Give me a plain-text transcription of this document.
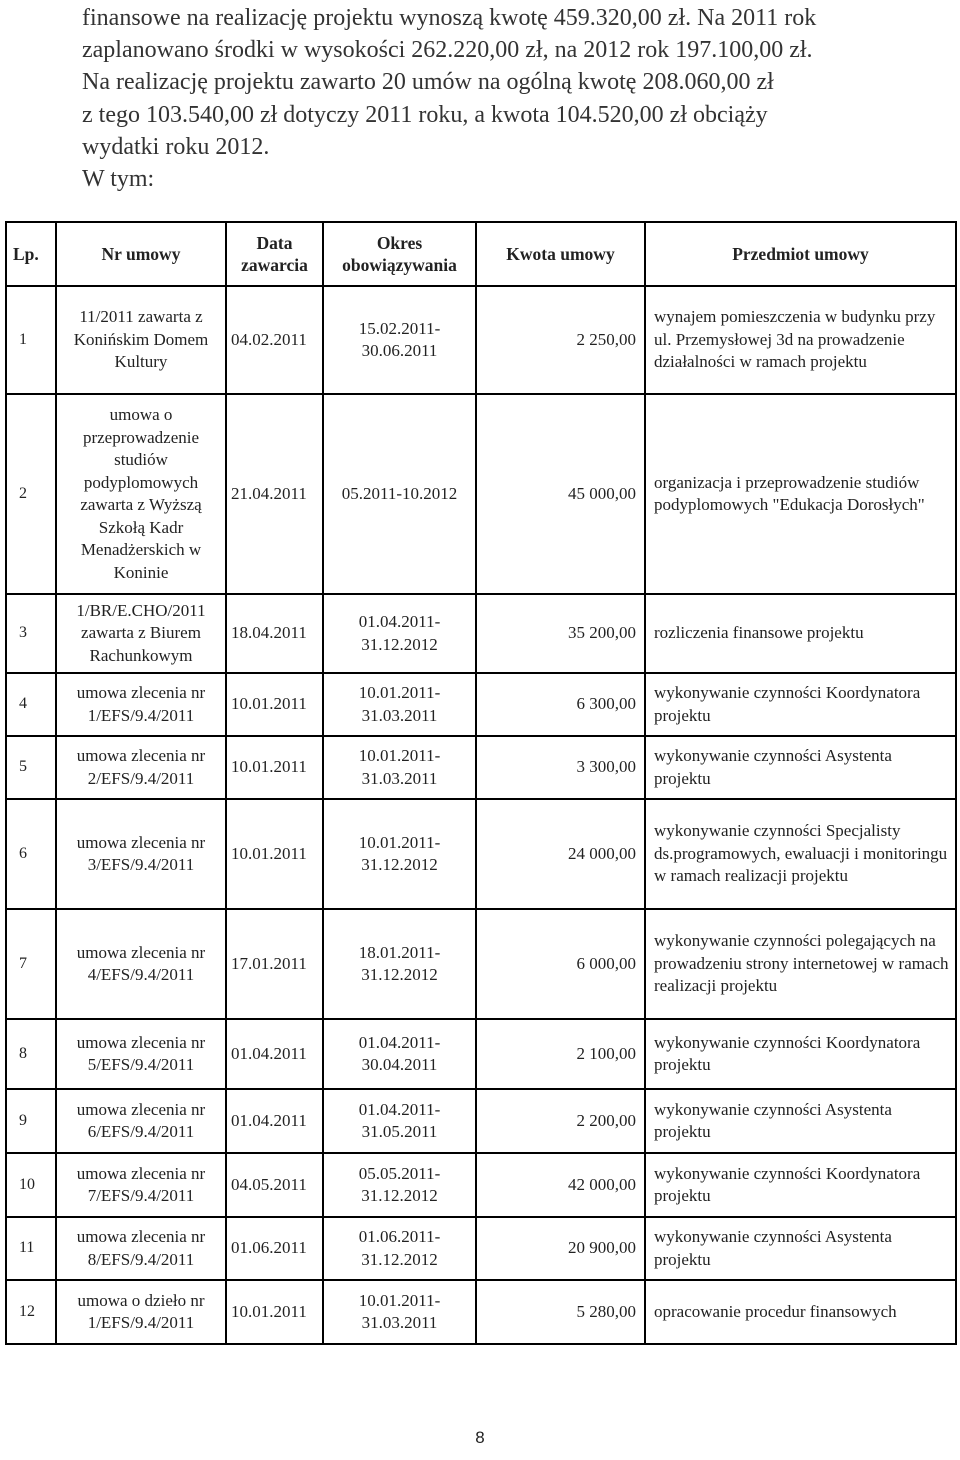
finansowe na realizację projektu wynoszą kwotę 459.320,00 zł. Na 2011 rok

zaplanowano środki w wysokości 262.220,00 zł, na 2012 rok 197.100,00 zł.

Na realizację projektu zawarto 20 umów na ogólną kwotę 208.060,00 zł

z tego 103.540,00 zł dotyczy 2011 roku, a kwota 104.520,00 zł obciąży

wydatki roku 2012.

W tym:

Lp.	Nr umowy	Data zawarcia	Okres obowiązywania	Kwota umowy	Przedmiot umowy
1	11/2011 zawarta z Konińskim Domem Kultury	04.02.2011	15.02.2011-30.06.2011	2 250,00	wynajem pomieszczenia w budynku przy ul. Przemysłowej 3d na prowadzenie działalności w ramach projektu
2	umowa o przeprowadzenie studiów podyplomowych zawarta z Wyższą Szkołą Kadr Menadżerskich w Koninie	21.04.2011	05.2011-10.2012	45 000,00	organizacja i przeprowadzenie studiów podyplomowych "Edukacja Dorosłych"
3	1/BR/E.CHO/2011 zawarta z Biurem Rachunkowym	18.04.2011	01.04.2011-31.12.2012	35 200,00	rozliczenia finansowe projektu
4	umowa zlecenia nr 1/EFS/9.4/2011	10.01.2011	10.01.2011-31.03.2011	6 300,00	wykonywanie czynności Koordynatora projektu
5	umowa zlecenia nr 2/EFS/9.4/2011	10.01.2011	10.01.2011-31.03.2011	3 300,00	wykonywanie czynności Asystenta projektu
6	umowa zlecenia nr 3/EFS/9.4/2011	10.01.2011	10.01.2011-31.12.2012	24 000,00	wykonywanie czynności Specjalisty ds.programowych, ewaluacji i monitoringu w ramach realizacji projektu
7	umowa zlecenia nr 4/EFS/9.4/2011	17.01.2011	18.01.2011-31.12.2012	6 000,00	wykonywanie czynności polegających na prowadzeniu strony internetowej w ramach realizacji projektu
8	umowa zlecenia nr 5/EFS/9.4/2011	01.04.2011	01.04.2011-30.04.2011	2 100,00	wykonywanie czynności Koordynatora projektu
9	umowa zlecenia nr 6/EFS/9.4/2011	01.04.2011	01.04.2011-31.05.2011	2 200,00	wykonywanie czynności Asystenta projektu
10	umowa zlecenia nr 7/EFS/9.4/2011	04.05.2011	05.05.2011-31.12.2012	42 000,00	wykonywanie czynności Koordynatora projektu
11	umowa zlecenia nr 8/EFS/9.4/2011	01.06.2011	01.06.2011-31.12.2012	20 900,00	wykonywanie czynności Asystenta projektu
12	umowa o dzieło nr 1/EFS/9.4/2011	10.01.2011	10.01.2011-31.03.2011	5 280,00	opracowanie procedur finansowych
8
